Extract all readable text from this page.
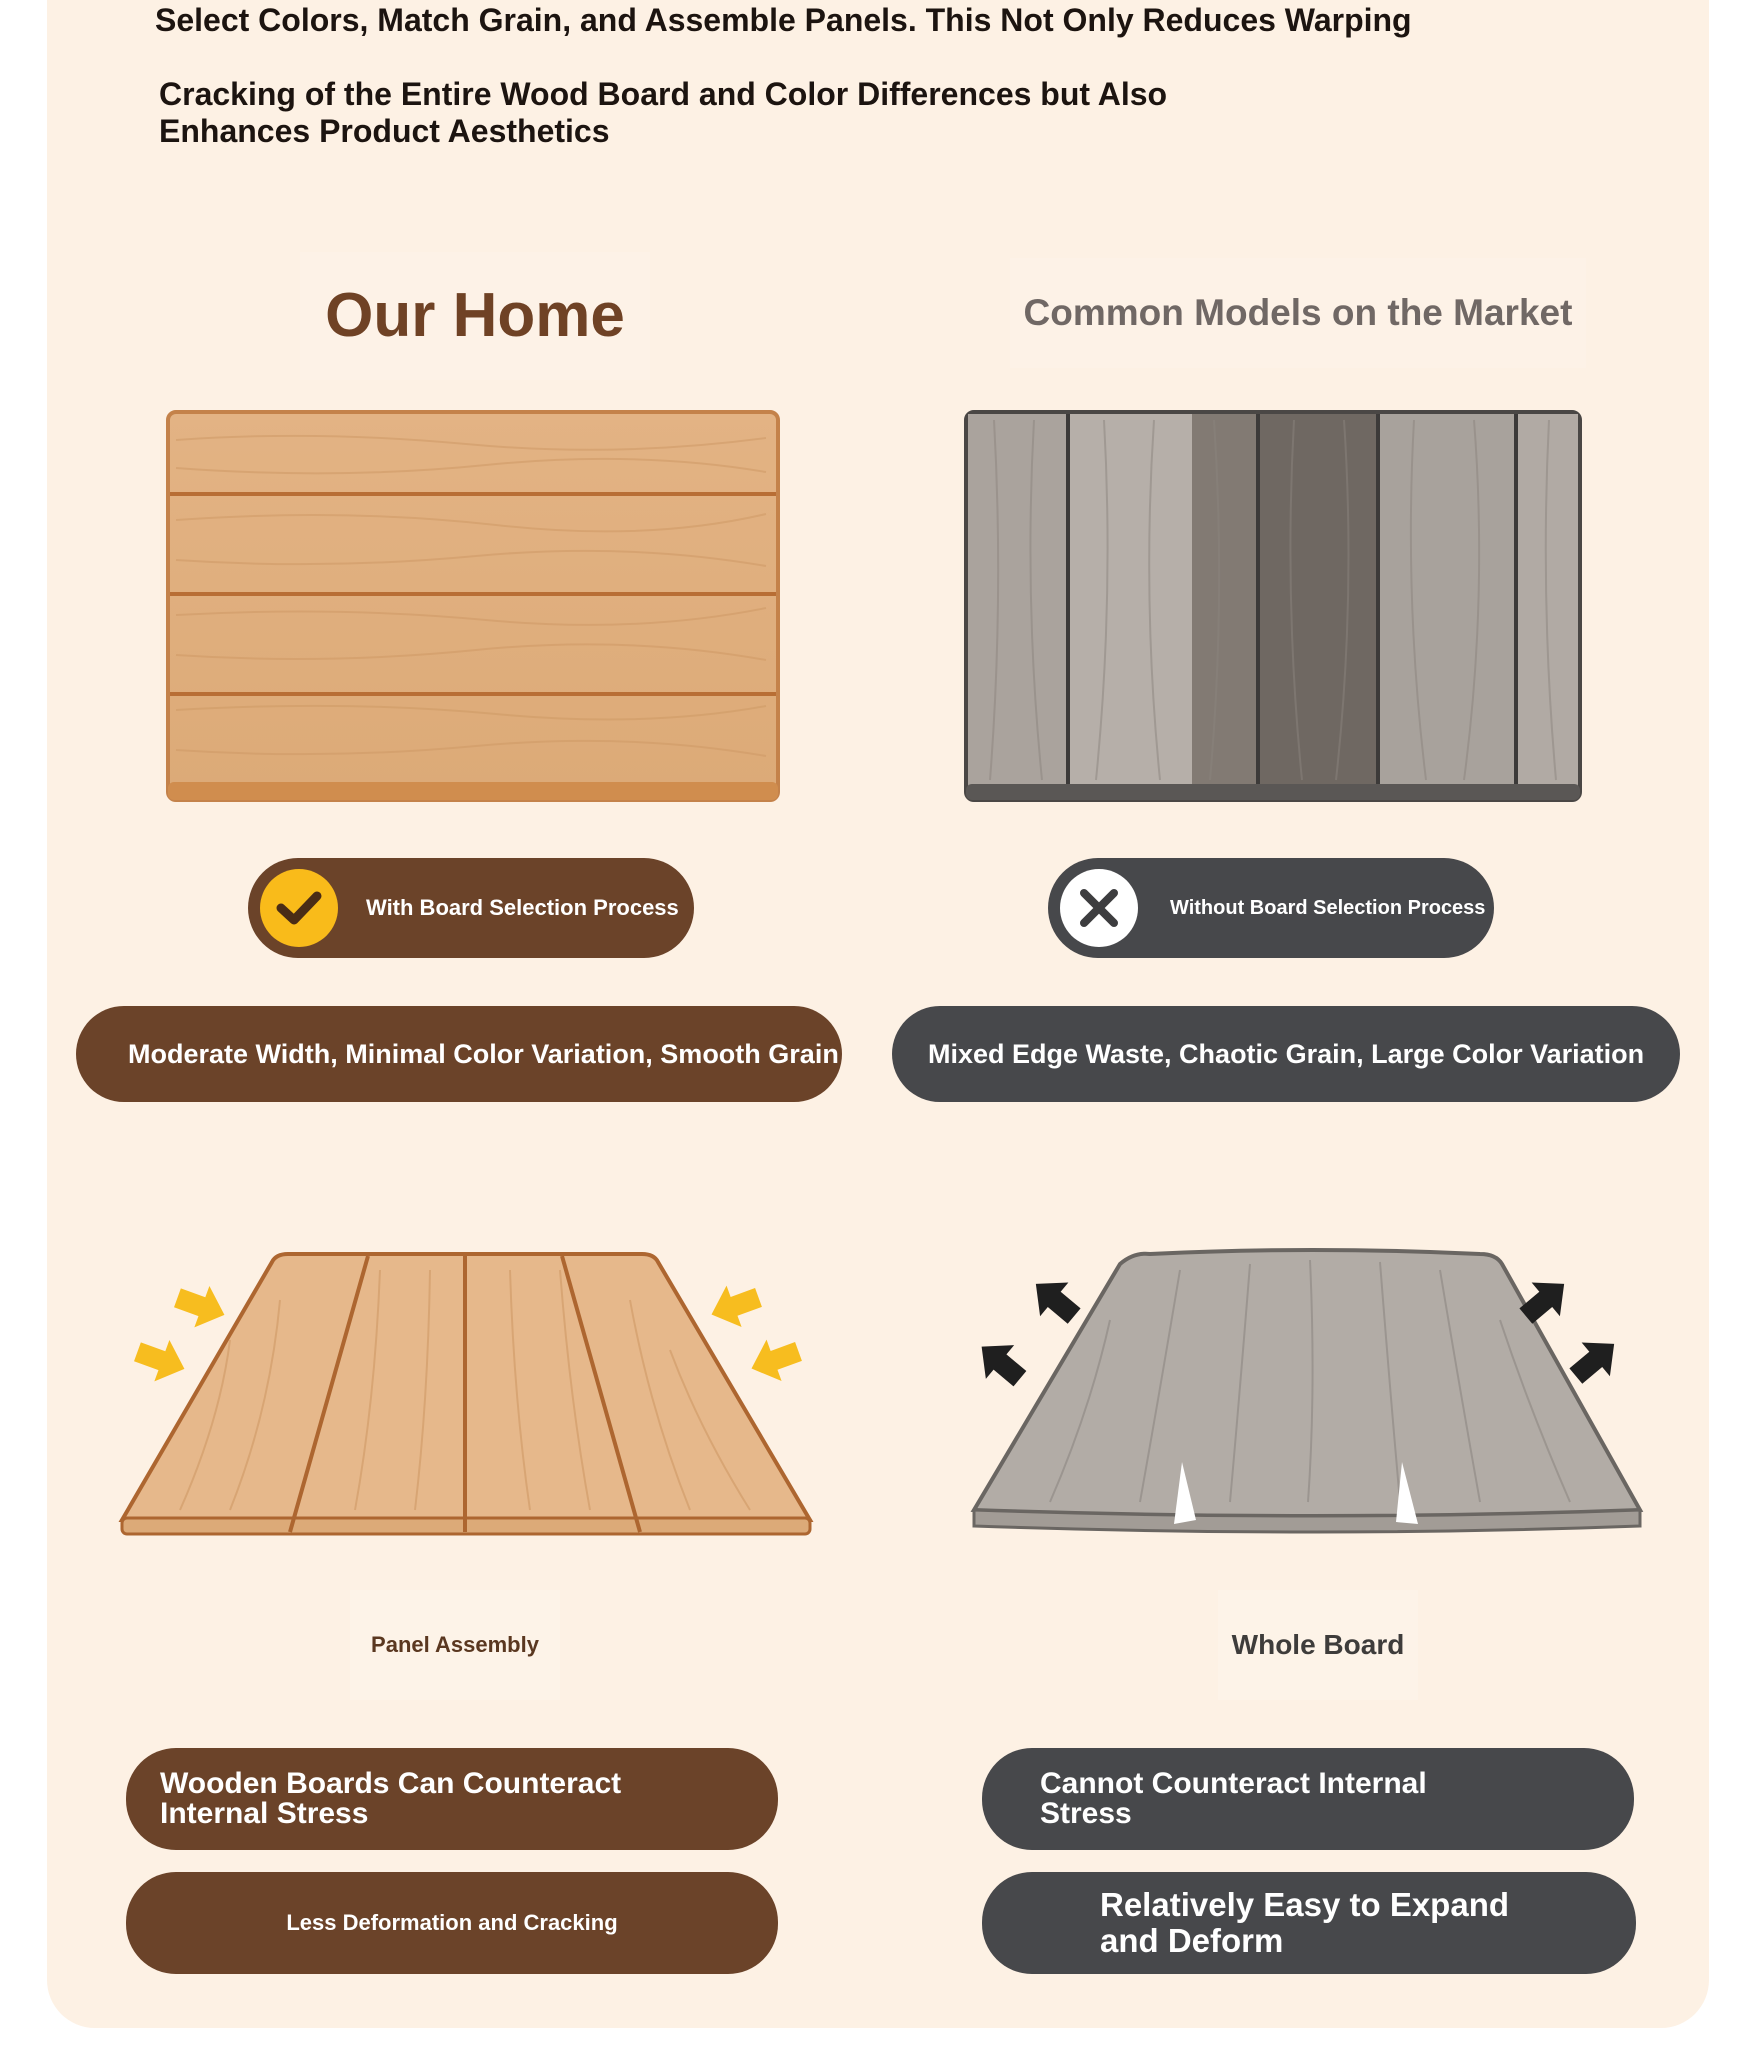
Select Colors, Match Grain, and Assemble Panels. This Not Only Reduces Warping
Cracking of the Entire Wood Board and Color Differences but Also
Enhances Product Aesthetics
Our Home	Common Models on the Market
With Board Selection Process	Without Board Selection Process
Moderate Width, Minimal Color Variation, Smooth Grain	Mixed Edge Waste, Chaotic Grain, Large Color Variation
Panel Assembly	Whole Board
Wooden Boards Can Counteract
Internal Stress
Cannot Counteract Internal
Stress
Less Deformation and Cracking	Relatively Easy to Expand
and Deform
